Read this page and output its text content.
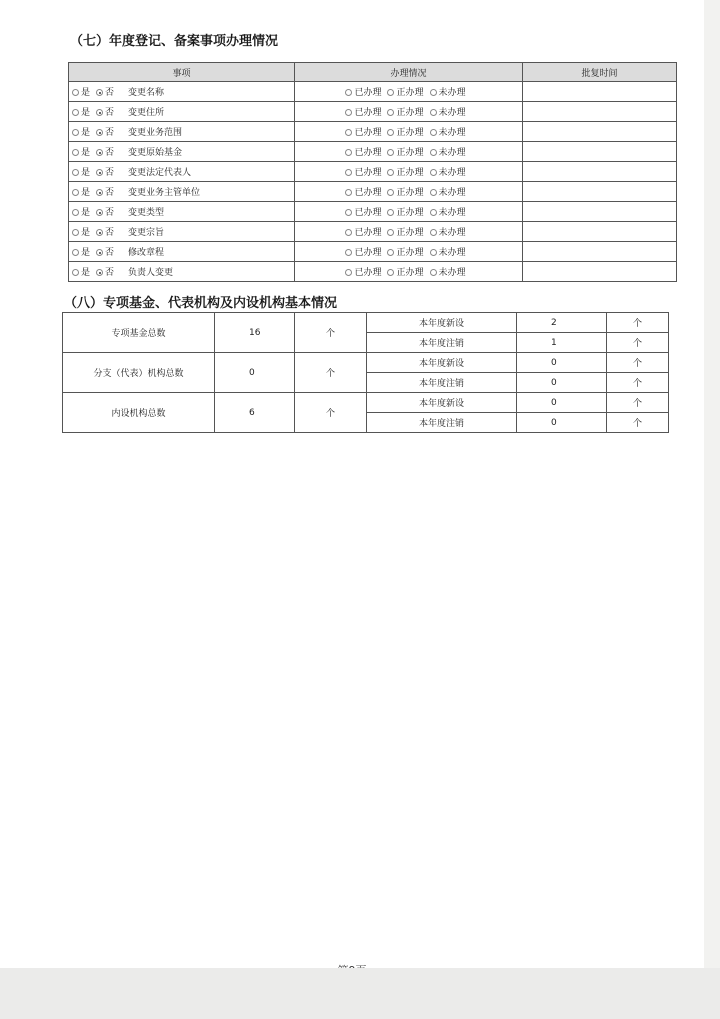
（七）年度登记、备案事项办理情况
事项	办理情况	批复时间
是 否 变更名称	已办理 正办理 未办理	
是 否 变更住所	已办理 正办理 未办理	
是 否 变更业务范围	已办理 正办理 未办理	
是 否 变更原始基金	已办理 正办理 未办理	
是 否 变更法定代表人	已办理 正办理 未办理	
是 否 变更业务主管单位	已办理 正办理 未办理	
是 否 变更类型	已办理 正办理 未办理	
是 否 变更宗旨	已办理 正办理 未办理	
是 否 修改章程	已办理 正办理 未办理	
是 否 负责人变更	已办理 正办理 未办理	
（八）专项基金、代表机构及内设机构基本情况
专项基金总数	16	个	本年度新设	2	个
			本年度注销	1	个
分支（代表）机构总数	0	个	本年度新设	0	个
			本年度注销	0	个
内设机构总数	6	个	本年度新设	0	个
			本年度注销	0	个
